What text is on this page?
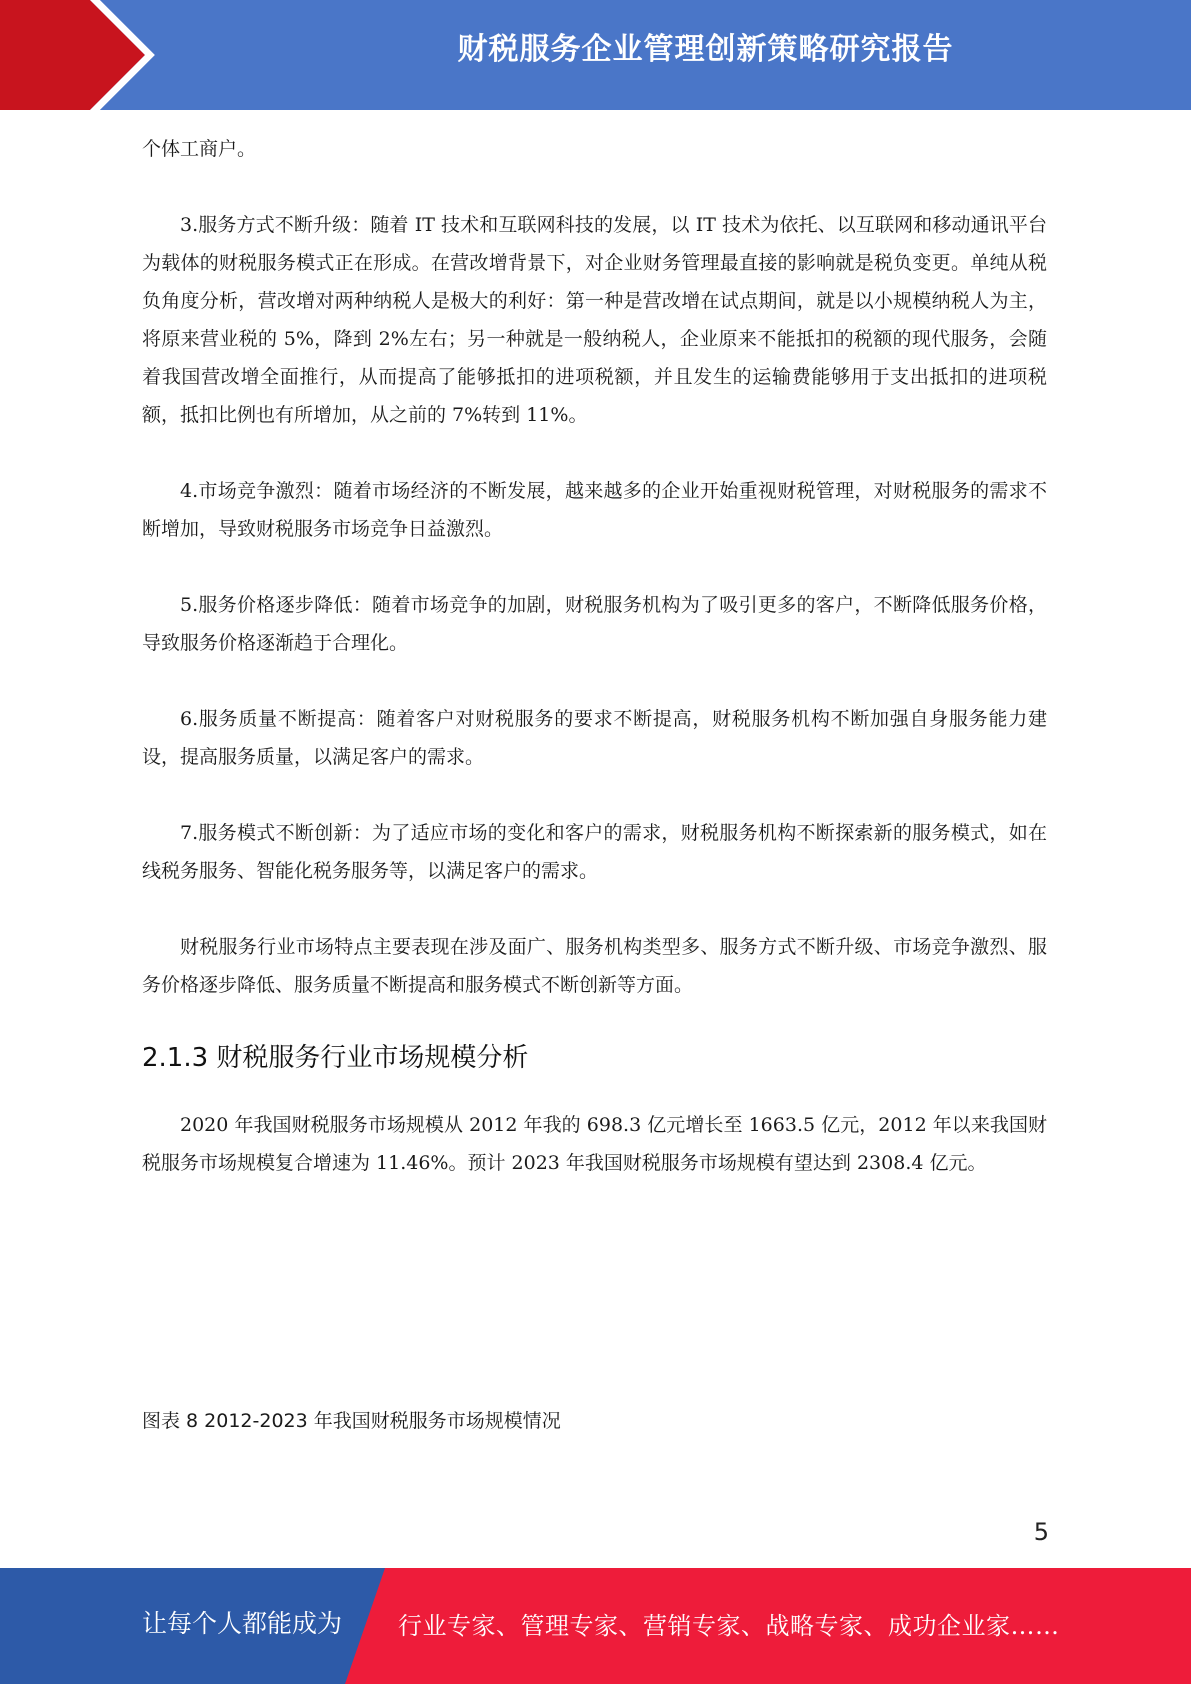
财税服务企业管理创新策略研究报告

个体工商户。

3.服务方式不断升级：随着 IT 技术和互联网科技的发展，以 IT 技术为依托、以互联网和移动通讯平台为载体的财税服务模式正在形成。在营改增背景下，对企业财务管理最直接的影响就是税负变更。单纯从税负角度分析，营改增对两种纳税人是极大的利好：第一种是营改增在试点期间，就是以小规模纳税人为主，将原来营业税的 5%，降到 2%左右；另一种就是一般纳税人，企业原来不能抵扣的税额的现代服务，会随着我国营改增全面推行，从而提高了能够抵扣的进项税额，并且发生的运输费能够用于支出抵扣的进项税额，抵扣比例也有所增加，从之前的 7%转到 11%。

4.市场竞争激烈：随着市场经济的不断发展，越来越多的企业开始重视财税管理，对财税服务的需求不断增加，导致财税服务市场竞争日益激烈。

5.服务价格逐步降低：随着市场竞争的加剧，财税服务机构为了吸引更多的客户，不断降低服务价格，导致服务价格逐渐趋于合理化。

6.服务质量不断提高：随着客户对财税服务的要求不断提高，财税服务机构不断加强自身服务能力建设，提高服务质量，以满足客户的需求。

7.服务模式不断创新：为了适应市场的变化和客户的需求，财税服务机构不断探索新的服务模式，如在线税务服务、智能化税务服务等，以满足客户的需求。

财税服务行业市场特点主要表现在涉及面广、服务机构类型多、服务方式不断升级、市场竞争激烈、服务价格逐步降低、服务质量不断提高和服务模式不断创新等方面。

2.1.3 财税服务行业市场规模分析

2020 年我国财税服务市场规模从 2012 年我的 698.3 亿元增长至 1663.5 亿元，2012 年以来我国财税服务市场规模复合增速为 11.46%。预计 2023 年我国财税服务市场规模有望达到 2308.4 亿元。

图表 8 2012-2023 年我国财税服务市场规模情况
5
让每个人都能成为 行业专家、管理专家、营销专家、战略专家、成功企业家……
